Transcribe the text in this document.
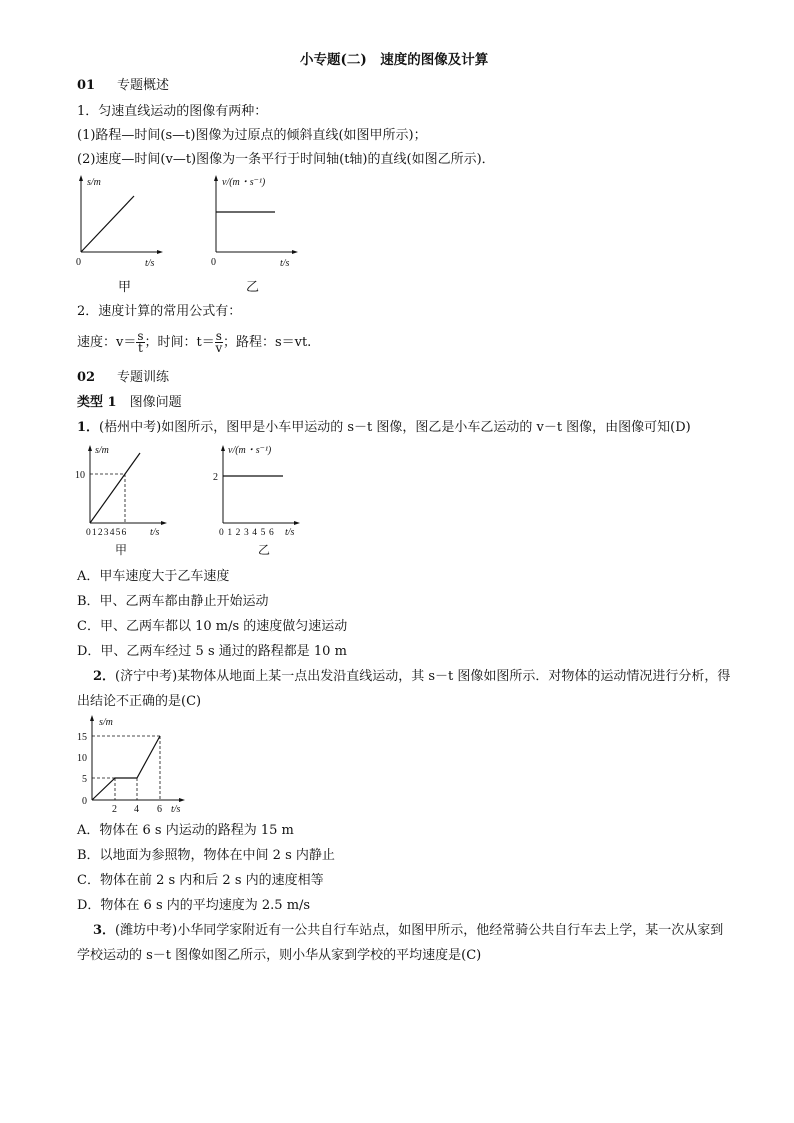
小专题(二)　速度的图像及计算
01 专题概述
1．匀速直线运动的图像有两种：
(1)路程—时间(s—t)图像为过原点的倾斜直线(如图甲所示)；
(2)速度—时间(v—t)图像为一条平行于时间轴(t轴)的直线(如图乙所示)．
s/m
0	t/s
甲
v/(m・s⁻¹)
0	t/s
乙
2．速度计算的常用公式有：
速度：$v= \frac{s}{t}$ ；时间：$t= \frac{s}{v}$ ；路程：s＝vt.
02 专题训练
类型 1　 图像问题
1．(梧州中考)如图所示，图甲是小车甲运动的 s－t 图像，图乙是小车乙运动的 v－t 图像，由图像可知(D)
s/m
10
0 1 2 3 4 5 6 t/s
甲
v/(m・s⁻¹)
2
0 1 2 3 4 5 6 t/s
乙
A．甲车速度大于乙车速度
B．甲、乙两车都由静止开始运动
C．甲、乙两车都以 10 m/s 的速度做匀速运动
D．甲、乙两车经过 5 s 通过的路程都是 10 m
2．(济宁中考)某物体从地面上某一点出发沿直线运动，其 s－t 图像如图所示．对物体的运动情况进行分析，得
出结论不正确的是(C)
s/m
15
10
5
0
2 4 6 t/s
A．物体在 6 s 内运动的路程为 15 m
B．以地面为参照物，物体在中间 2 s 内静止
C．物体在前 2 s 内和后 2 s 内的速度相等
D．物体在 6 s 内的平均速度为 2.5 m/s
3．(潍坊中考)小华同学家附近有一公共自行车站点，如图甲所示，他经常骑公共自行车去上学，某一次从家到
学校运动的 s－t 图像如图乙所示，则小华从家到学校的平均速度是(C)
